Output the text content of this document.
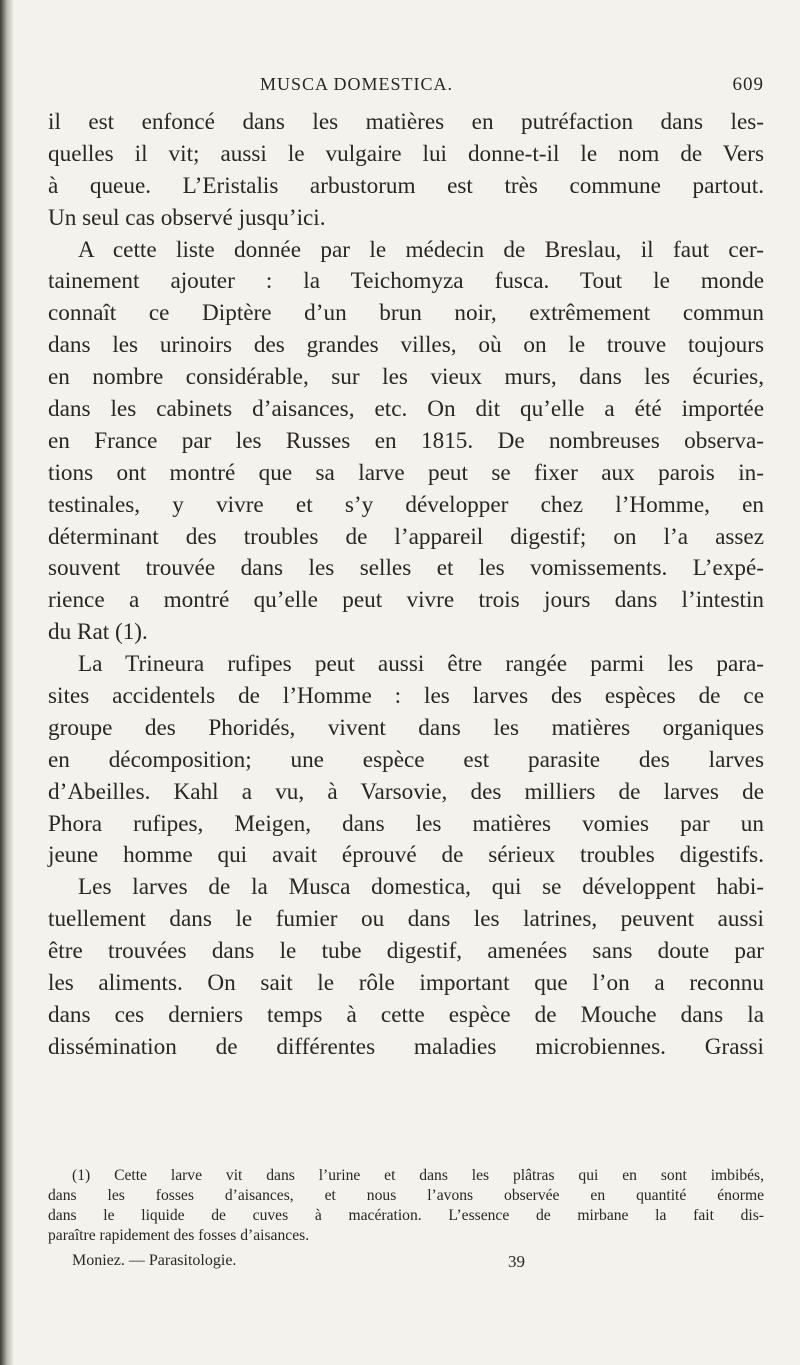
MUSCA DOMESTICA.	609
il est enfoncé dans les matières en putréfaction dans les-
quelles il vit; aussi le vulgaire lui donne-t-il le nom de Vers
à queue. L’Eristalis arbustorum est très commune partout.
Un seul cas observé jusqu’ici.
A cette liste donnée par le médecin de Breslau, il faut cer-
tainement ajouter : la Teichomyza fusca. Tout le monde
connaît ce Diptère d’un brun noir, extrêmement commun
dans les urinoirs des grandes villes, où on le trouve toujours
en nombre considérable, sur les vieux murs, dans les écuries,
dans les cabinets d’aisances, etc. On dit qu’elle a été importée
en France par les Russes en 1815. De nombreuses observa-
tions ont montré que sa larve peut se fixer aux parois in-
testinales, y vivre et s’y développer chez l’Homme, en
déterminant des troubles de l’appareil digestif; on l’a assez
souvent trouvée dans les selles et les vomissements. L’expé-
rience a montré qu’elle peut vivre trois jours dans l’intestin
du Rat (1).
La Trineura rufipes peut aussi être rangée parmi les para-
sites accidentels de l’Homme : les larves des espèces de ce
groupe des Phoridés, vivent dans les matières organiques
en décomposition; une espèce est parasite des larves
d’Abeilles. Kahl a vu, à Varsovie, des milliers de larves de
Phora rufipes, Meigen, dans les matières vomies par un
jeune homme qui avait éprouvé de sérieux troubles digestifs.
Les larves de la Musca domestica, qui se développent habi-
tuellement dans le fumier ou dans les latrines, peuvent aussi
être trouvées dans le tube digestif, amenées sans doute par
les aliments. On sait le rôle important que l’on a reconnu
dans ces derniers temps à cette espèce de Mouche dans la
dissémination de différentes maladies microbiennes. Grassi
(1) Cette larve vit dans l’urine et dans les plâtras qui en sont imbibés,
dans les fosses d’aisances, et nous l’avons observée en quantité énorme
dans le liquide de cuves à macération. L’essence de mirbane la fait dis-
paraître rapidement des fosses d’aisances.
Moniez. — Parasitologie.	39
